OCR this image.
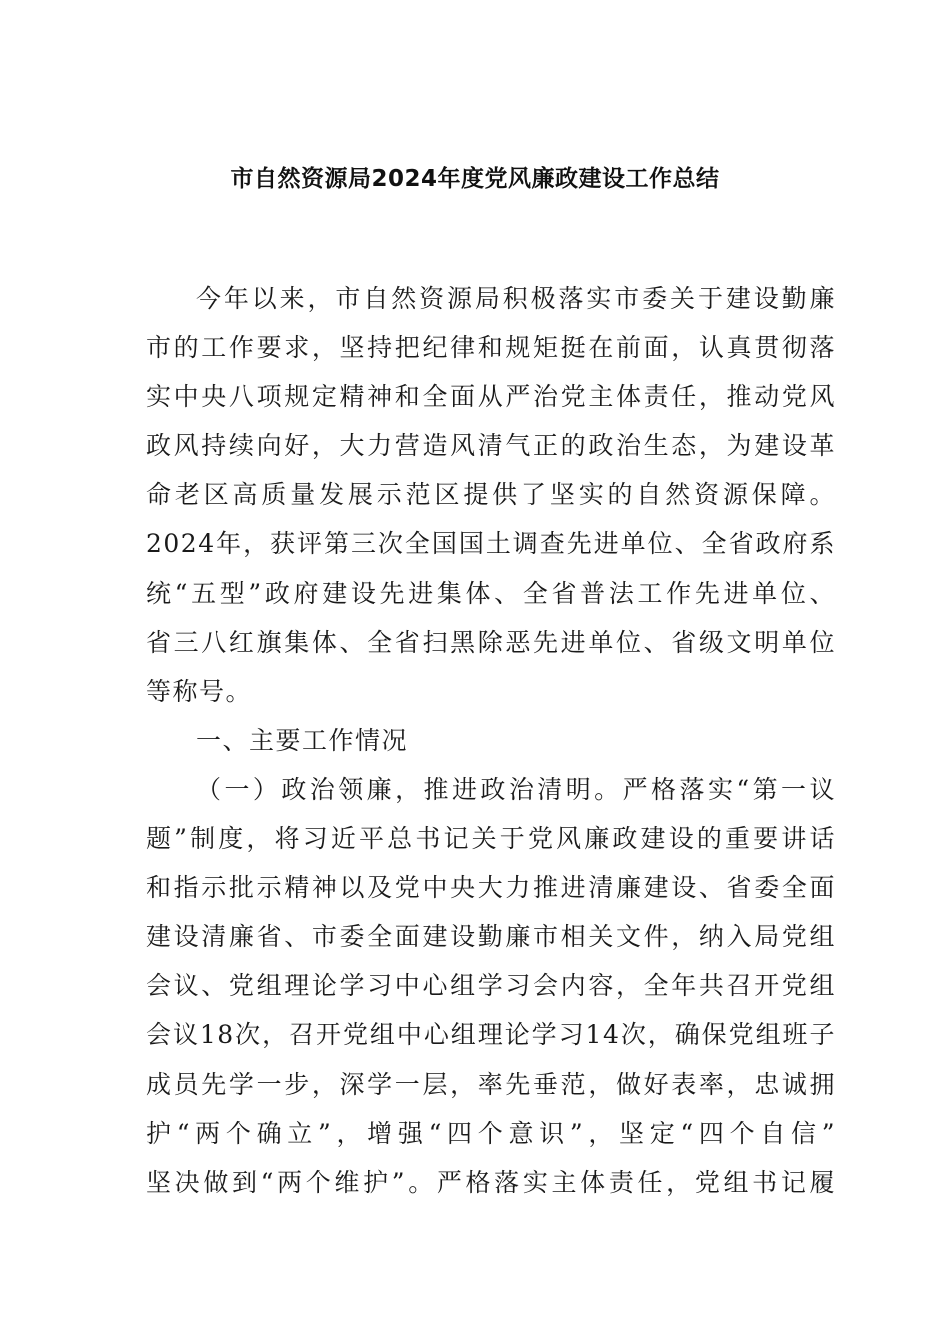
市自然资源局2024年度党风廉政建设工作总结
今年以来，市自然资源局积极落实市委关于建设勤廉
市的工作要求，坚持把纪律和规矩挺在前面，认真贯彻落
实中央八项规定精神和全面从严治党主体责任，推动党风
政风持续向好，大力营造风清气正的政治生态，为建设革
命老区高质量发展示范区提供了坚实的自然资源保障。
2024年，获评第三次全国国土调查先进单位、全省政府系
统“五型”政府建设先进集体、全省普法工作先进单位、
省三八红旗集体、全省扫黑除恶先进单位、省级文明单位
等称号。
一、主要工作情况
（一）政治领廉，推进政治清明。严格落实“第一议
题”制度，将习近平总书记关于党风廉政建设的重要讲话
和指示批示精神以及党中央大力推进清廉建设、省委全面
建设清廉省、市委全面建设勤廉市相关文件，纳入局党组
会议、党组理论学习中心组学习会内容，全年共召开党组
会议18次，召开党组中心组理论学习14次，确保党组班子
成员先学一步，深学一层，率先垂范，做好表率，忠诚拥
护“两个确立”，增强“四个意识”，坚定“四个自信”
坚决做到“两个维护”。严格落实主体责任，党组书记履
